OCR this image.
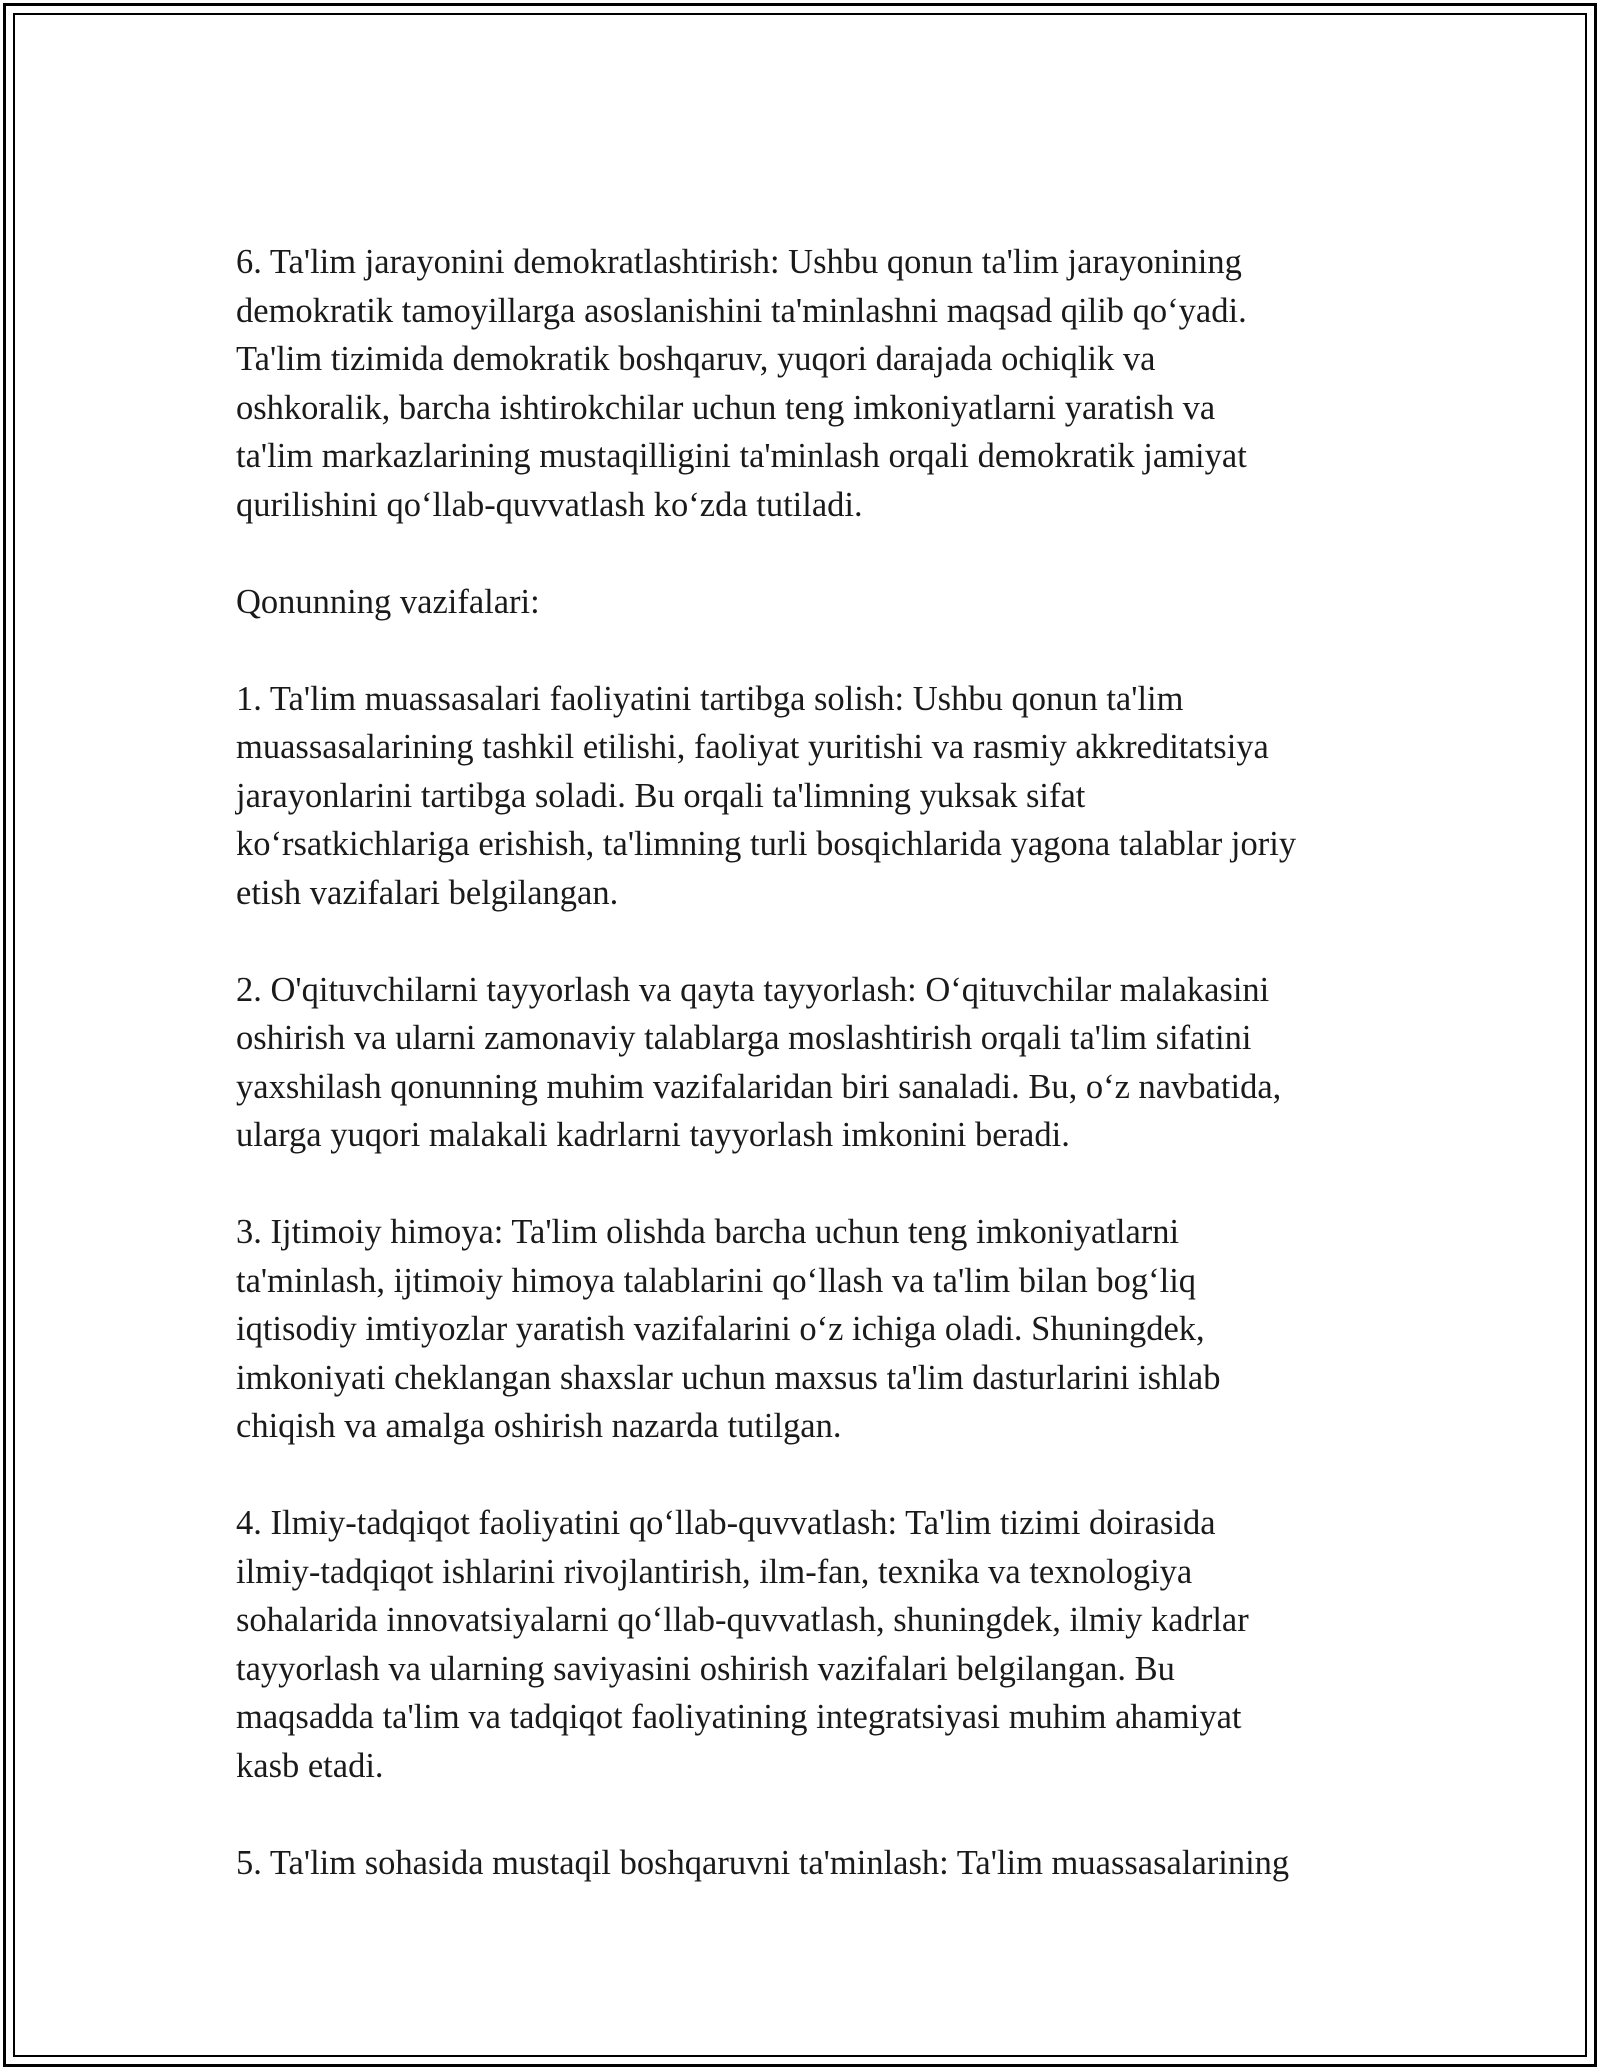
6. Ta'lim jarayonini demokratlashtirish: Ushbu qonun ta'lim jarayonining
demokratik tamoyillarga asoslanishini ta'minlashni maqsad qilib qo‘yadi.
Ta'lim tizimida demokratik boshqaruv, yuqori darajada ochiqlik va
oshkoralik, barcha ishtirokchilar uchun teng imkoniyatlarni yaratish va
ta'lim markazlarining mustaqilligini ta'minlash orqali demokratik jamiyat
qurilishini qo‘llab-quvvatlash ko‘zda tutiladi.

Qonunning vazifalari:

1. Ta'lim muassasalari faoliyatini tartibga solish: Ushbu qonun ta'lim
muassasalarining tashkil etilishi, faoliyat yuritishi va rasmiy akkreditatsiya
jarayonlarini tartibga soladi. Bu orqali ta'limning yuksak sifat
ko‘rsatkichlariga erishish, ta'limning turli bosqichlarida yagona talablar joriy
etish vazifalari belgilangan.

2. O'qituvchilarni tayyorlash va qayta tayyorlash: O‘qituvchilar malakasini
oshirish va ularni zamonaviy talablarga moslashtirish orqali ta'lim sifatini
yaxshilash qonunning muhim vazifalaridan biri sanaladi. Bu, o‘z navbatida,
ularga yuqori malakali kadrlarni tayyorlash imkonini beradi.

3. Ijtimoiy himoya: Ta'lim olishda barcha uchun teng imkoniyatlarni
ta'minlash, ijtimoiy himoya talablarini qo‘llash va ta'lim bilan bog‘liq
iqtisodiy imtiyozlar yaratish vazifalarini o‘z ichiga oladi. Shuningdek,
imkoniyati cheklangan shaxslar uchun maxsus ta'lim dasturlarini ishlab
chiqish va amalga oshirish nazarda tutilgan.

4. Ilmiy-tadqiqot faoliyatini qo‘llab-quvvatlash: Ta'lim tizimi doirasida
ilmiy-tadqiqot ishlarini rivojlantirish, ilm-fan, texnika va texnologiya
sohalarida innovatsiyalarni qo‘llab-quvvatlash, shuningdek, ilmiy kadrlar
tayyorlash va ularning saviyasini oshirish vazifalari belgilangan. Bu
maqsadda ta'lim va tadqiqot faoliyatining integratsiyasi muhim ahamiyat
kasb etadi.

5. Ta'lim sohasida mustaqil boshqaruvni ta'minlash: Ta'lim muassasalarining
